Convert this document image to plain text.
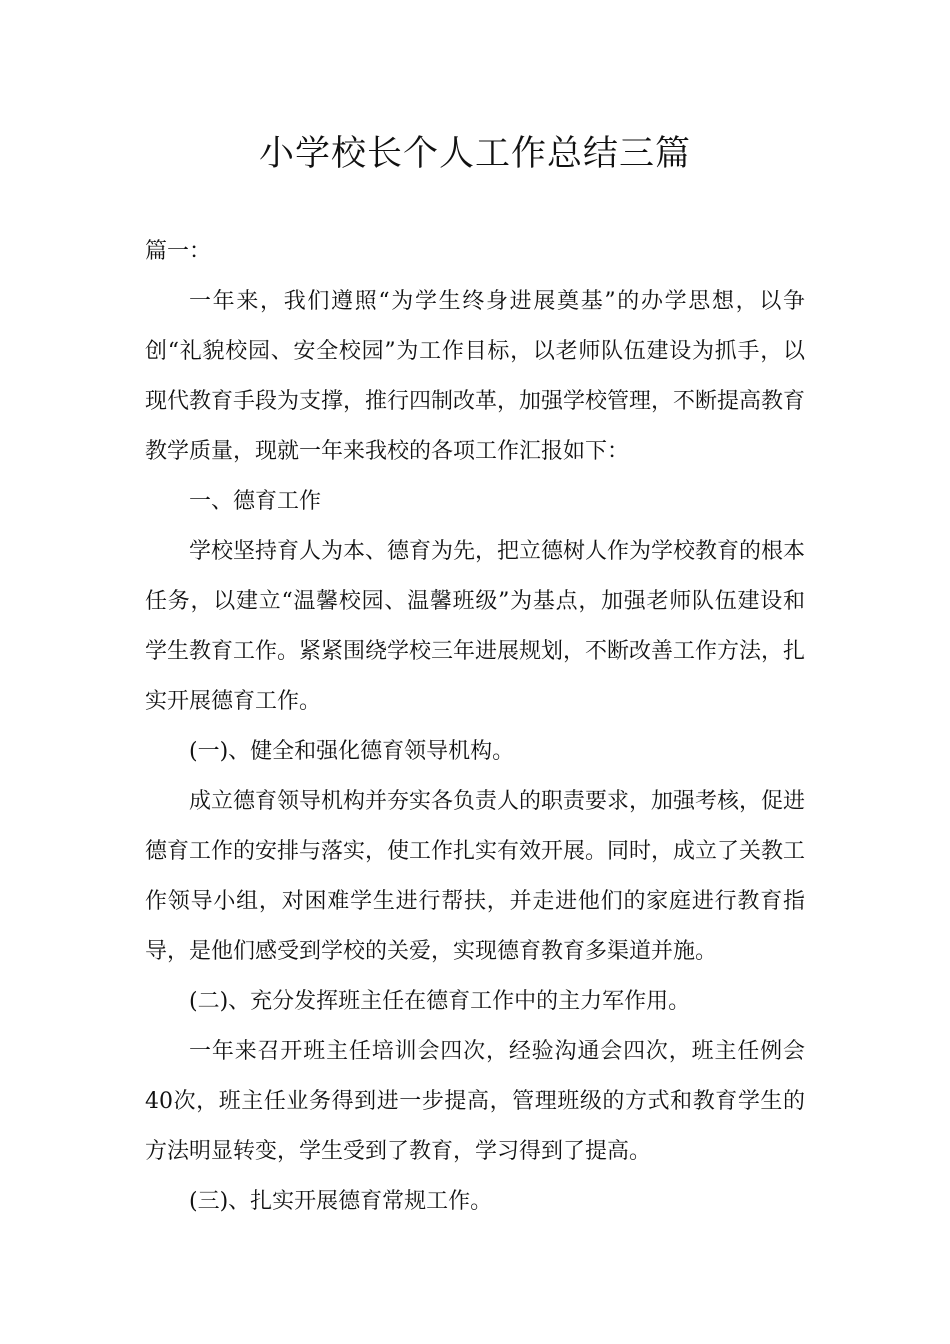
小学校长个人工作总结三篇

篇一：

一年来，我们遵照“为学生终身进展奠基”的办学思想，以争创“礼貌校园、安全校园”为工作目标，以老师队伍建设为抓手，以现代教育手段为支撑，推行四制改革，加强学校管理，不断提高教育教学质量，现就一年来我校的各项工作汇报如下：

一、德育工作

学校坚持育人为本、德育为先，把立德树人作为学校教育的根本任务，以建立“温馨校园、温馨班级”为基点，加强老师队伍建设和学生教育工作。紧紧围绕学校三年进展规划，不断改善工作方法，扎实开展德育工作。

(一)、健全和强化德育领导机构。

成立德育领导机构并夯实各负责人的职责要求，加强考核，促进德育工作的安排与落实，使工作扎实有效开展。同时，成立了关教工作领导小组，对困难学生进行帮扶，并走进他们的家庭进行教育指导，是他们感受到学校的关爱，实现德育教育多渠道并施。

(二)、充分发挥班主任在德育工作中的主力军作用。

一年来召开班主任培训会四次，经验沟通会四次，班主任例会40次，班主任业务得到进一步提高，管理班级的方式和教育学生的方法明显转变，学生受到了教育，学习得到了提高。

(三)、扎实开展德育常规工作。
